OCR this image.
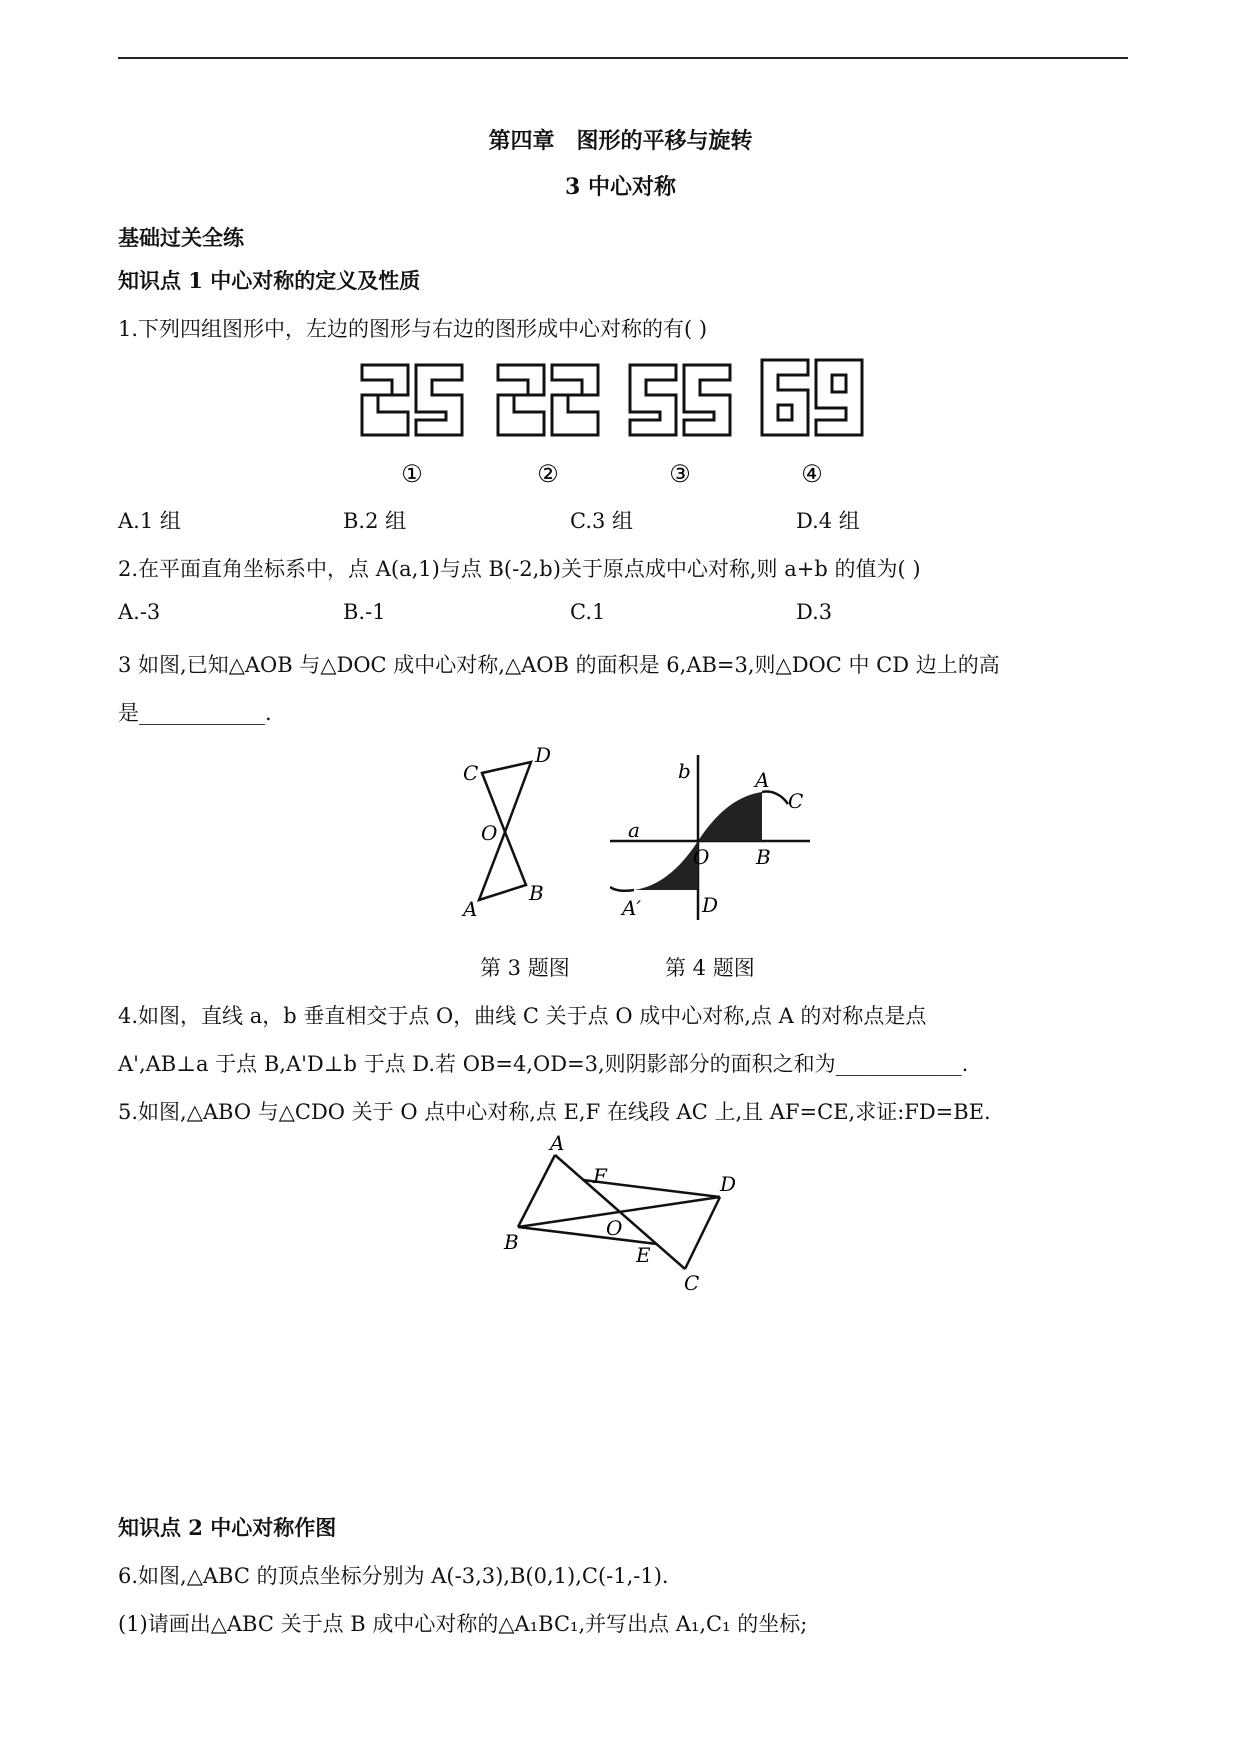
第四章　图形的平移与旋转
3 中心对称
基础过关全练
知识点 1 中心对称的定义及性质
1.下列四组图形中，左边的图形与右边的图形成中心对称的有( )
①	②	③	④
A.1 组	B.2 组	C.3 组	D.4 组
2.在平面直角坐标系中，点 A(a,1)与点 B(-2,b)关于原点成中心对称,则 a+b 的值为( )
A.-3	B.-1	C.1	D.3
3 如图,已知△AOB 与△DOC 成中心对称,△AOB 的面积是 6,AB=3,则△DOC 中 CD 边上的高
是____________.
C
D
O
A
B
b
a
A
C
O B
A′	D
第 3 题图	第 4 题图
4.如图，直线 a，b 垂直相交于点 O，曲线 C 关于点 O 成中心对称,点 A 的对称点是点
A',AB⊥a 于点 B,A'D⊥b 于点 D.若 OB=4,OD=3,则阴影部分的面积之和为____________.
5.如图,△ABO 与△CDO 关于 O 点中心对称,点 E,F 在线段 AC 上,且 AF=CE,求证:FD=BE.
A
F	D
B
O
E
C
知识点 2 中心对称作图
6.如图,△ABC 的顶点坐标分别为 A(-3,3),B(0,1),C(-1,-1).
(1)请画出△ABC 关于点 B 成中心对称的△A₁BC₁,并写出点 A₁,C₁ 的坐标;
